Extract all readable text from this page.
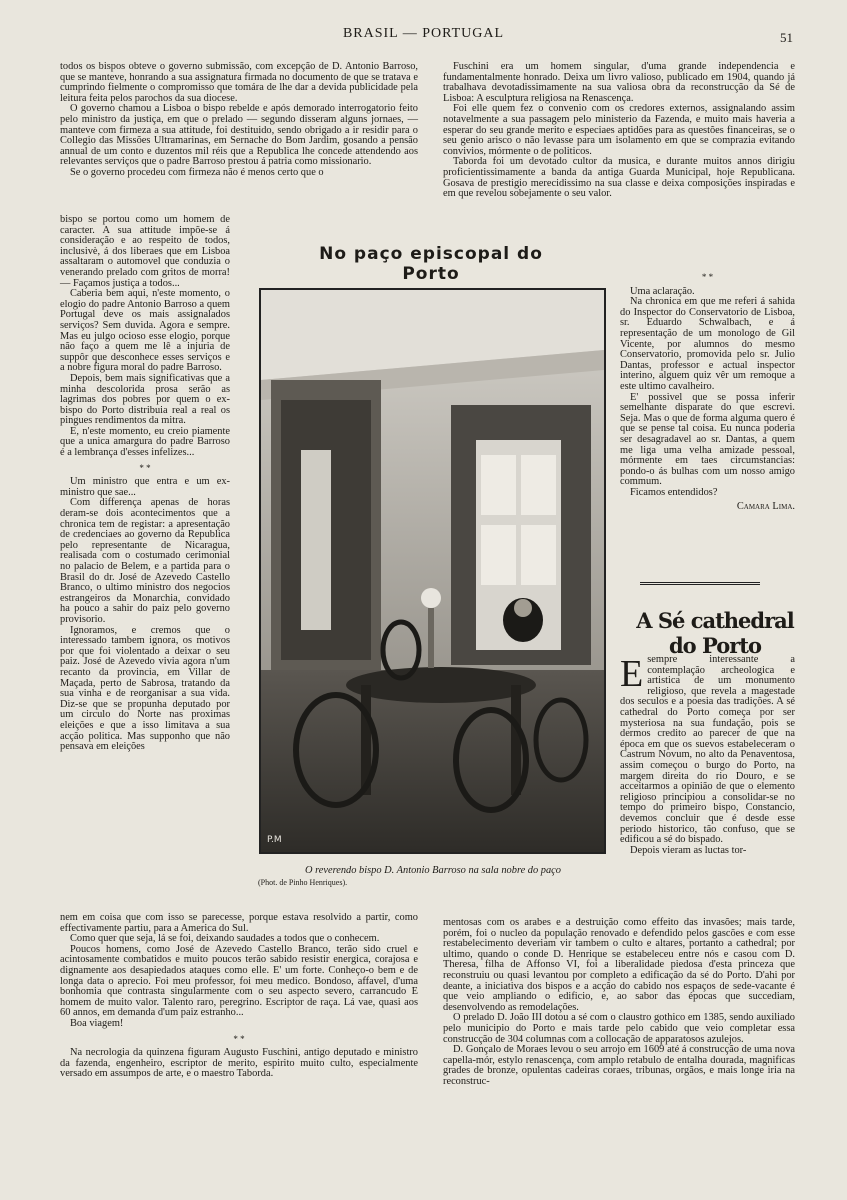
BRASIL — PORTUGAL	51

todos os bispos obteve o governo submissão, com excepção de D. Antonio Barroso, que se manteve, honrando a sua assignatura firmada no documento de que se tratava e cumprindo fielmente o compromisso que tomára de lhe dar a devida publicidade pela leitura feita pelos parochos da sua diocese.

O governo chamou a Lisboa o bispo rebelde e após demorado interrogatorio feito pelo ministro da justiça, em que o prelado — segundo disseram alguns jornaes, — manteve com firmeza a sua attitude, foi destituido, sendo obrigado a ir residir para o Collegio das Missões Ultramarinas, em Sernache do Bom Jardim, gosando a pensão annual de um conto e duzentos mil réis que a Republica lhe concede attendendo aos relevantes serviços que o padre Barroso prestou á patria como missionario.

Se o governo procedeu com firmeza não é menos certo que o

bispo se portou como um homem de caracter. A sua attitude impõe-se á consideração e ao respeito de todos, inclusivè, á dos liberaes que em Lisboa assaltaram o automovel que conduzia o venerando prelado com gritos de morra! — Façamos justiça a todos...

Caberia bem aqui, n'este momento, o elogio do padre Antonio Barroso a quem Portugal deve os mais assignalados serviços? Sem duvida. Agora e sempre. Mas eu julgo ocioso esse elogio, porque não faço a quem me lê a injuria de suppôr que desconhece esses serviços e a nobre figura moral do padre Barroso.

Depois, bem mais significativas que a minha descolorida prosa serão as lagrimas dos pobres por quem o ex-bispo do Porto distribuia real a real os pingues rendimentos da mitra.

E, n'este momento, eu creio piamente que a unica amargura do padre Barroso é a lembrança d'esses infelizes...

* *

Um ministro que entra e um ex-ministro que sae...

Com differença apenas de horas deram-se dois acontecimentos que a chronica tem de registar: a apresentação de credenciaes ao governo da Republica pelo representante de Nicaragua, realisada com o costumado cerimonial no palacio de Belem, e a partida para o Brasil do dr. José de Azevedo Castello Branco, o ultimo ministro dos negocios estrangeiros da Monarchia, convidado ha pouco a sahir do paiz pelo governo provisorio.

Ignoramos, e cremos que o interessado tambem ignora, os motivos por que foi violentado a deixar o seu paiz. José de Azevedo vivia agora n'um recanto da provincia, em Villar de Maçada, perto de Sabrosa, tratando da sua vinha e de reorganisar a sua vida. Diz-se que se propunha deputado por um circulo do Norte nas proximas eleições e que a isso limitava a sua acção politica. Mas supponho que não pensava em eleições

No paço episcopal do Porto
P.M
O reverendo bispo D. Antonio Barroso na sala nobre do paço
(Phot. de Pinho Henriques).

nem em coisa que com isso se parecesse, porque estava resolvido a partir, como effectivamente partiu, para a America do Sul.

Como quer que seja, lá se foi, deixando saudades a todos que o conhecem.

Poucos homens, como José de Azevedo Castello Branco, terão sido cruel e acintosamente combatidos e muito poucos terão sabido resistir energica, corajosa e dignamente aos desapiedados ataques como elle. E' um forte. Conheço-o bem e de longa data o aprecio. Foi meu professor, foi meu medico. Bondoso, affavel, d'uma bonhomia que contrasta singularmente com o seu aspecto severo, carrancudo E homem de muito valor. Talento raro, peregrino. Escriptor de raça. Lá vae, quasi aos 60 annos, em demanda d'um paiz estranho...

Boa viagem!

* *

Na necrologia da quinzena figuram Augusto Fuschini, antigo deputado e ministro da fazenda, engenheiro, escriptor de merito, espirito muito culto, especialmente versado em assumpos de arte, e o maestro Taborda.

Fuschini era um homem singular, d'uma grande independencia e fundamentalmente honrado. Deixa um livro valioso, publicado em 1904, quando já trabalhava devotadissimamente na sua valiosa obra da reconstrucção da Sé de Lisboa: A esculptura religiosa na Renascença.

Foi elle quem fez o convenio com os credores externos, assignalando assim notavelmente a sua passagem pelo ministerio da Fazenda, e muito mais haveria a esperar do seu grande merito e especiaes aptidões para as questões financeiras, se o seu genio arisco o não levasse para um isolamento em que se comprazia evitando convivios, mórmente o de politicos.

Taborda foi um devotado cultor da musica, e durante muitos annos dirigiu proficientissimamente a banda da antiga Guarda Municipal, hoje Republicana. Gosava de prestigio merecidissimo na sua classe e deixa composições inspiradas e em que revelou sobejamente o seu valor.

* *

Uma aclaração.

Na chronica em que me referi á sahida do Inspector do Conservatorio de Lisboa, sr. Eduardo Schwalbach, e á representação de um monologo de Gil Vicente, por alumnos do mesmo Conservatorio, promovida pelo sr. Julio Dantas, professor e actual inspector interino, alguem quiz vêr um remoque a este ultimo cavalheiro.

E' possivel que se possa inferir semelhante disparate do que escrevi. Seja. Mas o que de forma alguma quero é que se pense tal coisa. Eu nunca poderia ser desagradavel ao sr. Dantas, a quem me liga uma velha amizade pessoal, mórmente em taes circumstancias: pondo-o ás bulhas com um nosso amigo commum.

Ficamos entendidos?

Camara Lima.
A Sé cathedral do Porto

Esempre interessante a contemplação archeologica e artistica de um monumento religioso, que revela a magestade dos seculos e a poesia das tradições. A sé cathedral do Porto começa por ser mysteriosa na sua fundação, pois se dermos credito ao parecer de que na época em que os suevos estabeleceram o Castrum Novum, no alto da Penaventosa, assim começou o burgo do Porto, na margem direita do rio Douro, e se acceitarmos a opinião de que o elemento religioso principiou a consolidar-se no tempo do primeiro bispo, Constancio, devemos concluir que é desde esse periodo historico, tão confuso, que se edificou a sé do bispado.

Depois vieram as luctas tor-

mentosas com os arabes e a destruição como effeito das invasões; mais tarde, porém, foi o nucleo da população renovado e defendido pelos gascões e com esse restabelecimento deveriam vir tambem o culto e altares, portanto a cathedral; por ultimo, quando o conde D. Henrique se estabeleceu entre nós e casou com D. Theresa, filha de Affonso VI, foi a liberalidade piedosa d'esta princeza que reconstruiu ou quasi levantou por completo a edificação da sé do Porto. D'ahi por deante, a iniciativa dos bispos e a acção do cabido nos espaços de sede-vacante é que veio ampliando o edificio, e, ao sabor das épocas que succediam, desenvolvendo as remodelações.

O prelado D. João III dotou a sé com o claustro gothico em 1385, sendo auxiliado pelo municipio do Porto e mais tarde pelo cabido que veio completar essa construcção de 304 columnas com a collocação de apparatosos azulejos.

D. Gonçalo de Moraes levou o seu arrojo em 1609 até á construcção de uma nova capella-mór, estylo renascença, com amplo retabulo de entalha dourada, magnificas grades de bronze, opulentas cadeiras coraes, tribunas, orgãos, e mais longe iria na reconstruc-
